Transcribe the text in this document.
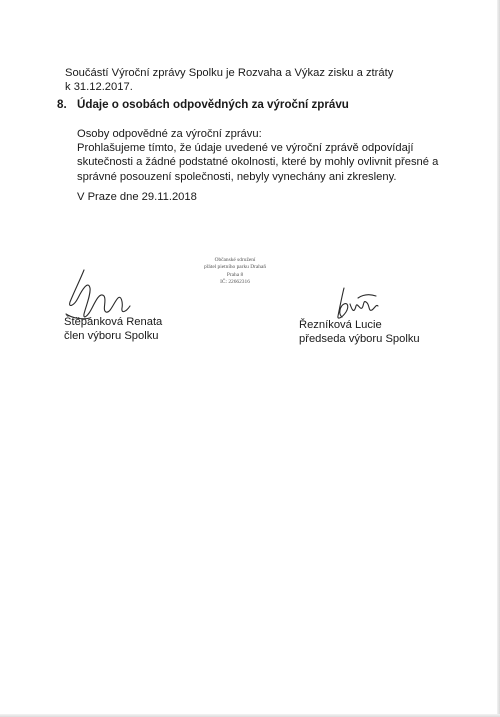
Součástí Výroční zprávy Spolku je Rozvaha a Výkaz zisku a ztráty
k 31.12.2017.

8. Údaje o osobách odpovědných za výroční zprávu

Osoby odpovědné za výroční zprávu:
Prohlašujeme tímto, že údaje uvedené ve výroční zprávě odpovídají
skutečnosti a žádné podstatné okolnosti, které by mohly ovlivnit přesné a
správné posouzení společnosti, nebyly vynechány ani zkresleny.

V Praze dne 29.11.2018

Občanské sdružení
přátel pietního parku Drahaň
Praha 8
IČ: 22662316
Štěpánková Renata
člen výboru Spolku
Řezníková Lucie
předseda výboru Spolku
